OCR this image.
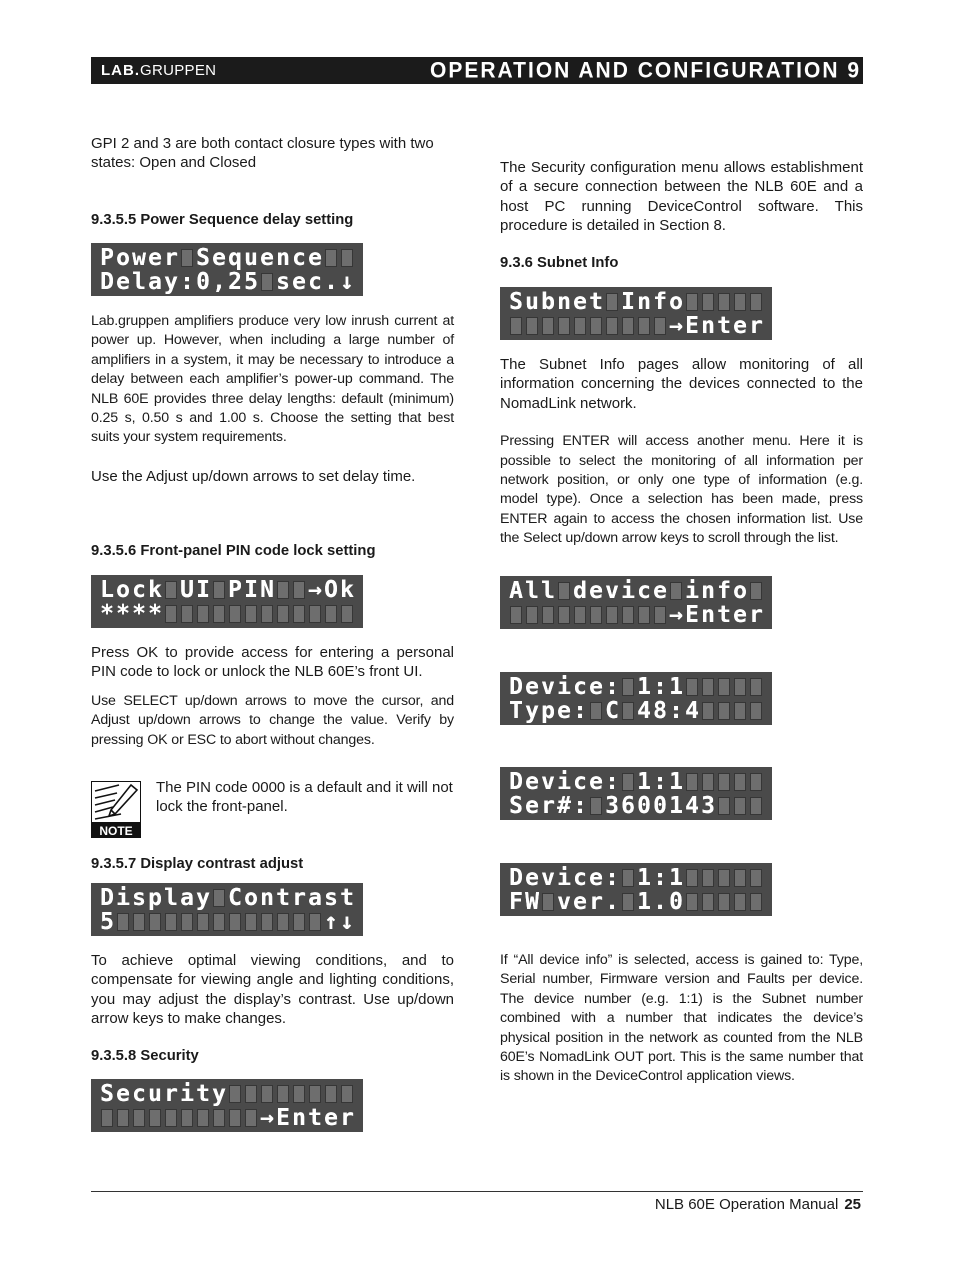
LAB.GRUPPEN	OPERATION AND CONFIGURATION 9

GPI 2 and 3 are both contact closure types with two states: Open and Closed

9.3.5.5 Power Sequence delay setting
P o w e r S e q u e n c e
D e l a y : 0 , 2 5 s e c . ↓

Lab.gruppen amplifiers produce very low inrush current at power up. However, when including a large number of amplifiers in a system, it may be necessary to introduce a delay between each amplifier’s power-up command. The NLB 60E provides three delay lengths: default (minimum) 0.25 s, 0.50 s and 1.00 s. Choose the setting that best suits your system requirements.

Use the Adjust up/down arrows to set delay time.

9.3.5.6 Front-panel PIN code lock setting
L o c k U I P I N → O k
* * * *

Press OK to provide access for entering a personal PIN code to lock or unlock the NLB 60E’s front UI.

Use SELECT up/down arrows to move the cursor, and Adjust up/down arrows to change the value. Verify by pressing OK or ESC to abort without changes.

NOTE

The PIN code 0000 is a default and it will not lock the front-panel.

9.3.5.7 Display contrast adjust
D i s p l a y C o n t r a s t
5	↑ ↓

To achieve optimal viewing conditions, and to compensate for viewing angle and lighting conditions, you may adjust the display’s contrast. Use up/down arrow keys to make changes.

9.3.5.8 Security
S e c u r i t y
→ E n t e r

The Security configuration menu allows establishment of a secure connection between the NLB 60E and a host PC running DeviceControl software. This procedure is detailed in Section 8.

9.3.6 Subnet Info
S u b n e t I n f o
→ E n t e r

The Subnet Info pages allow monitoring of all information concerning the devices connected to the NomadLink network.

Pressing ENTER will access another menu. Here it is possible to select the monitoring of all information per network position, or only one type of information (e.g. model type). Once a selection has been made, press ENTER again to access the chosen information list. Use the Select up/down arrow keys to scroll through the list.

A l l d e v i c e i n f o
→ E n t e r
D e v i c e : 1 : 1
T y p e : C 4 8 : 4
D e v i c e : 1 : 1
S e r # : 3 6 0 0 1 4 3
D e v i c e : 1 : 1
F W v e r . 1 . 0

If “All device info” is selected, access is gained to: Type, Serial number, Firmware version and Faults per device. The device number (e.g. 1:1) is the Subnet number combined with a number that indicates the device’s physical position in the network as counted from the NLB 60E’s NomadLink OUT port. This is the same number that is shown in the DeviceControl application views.

NLB 60E Operation Manual 25
